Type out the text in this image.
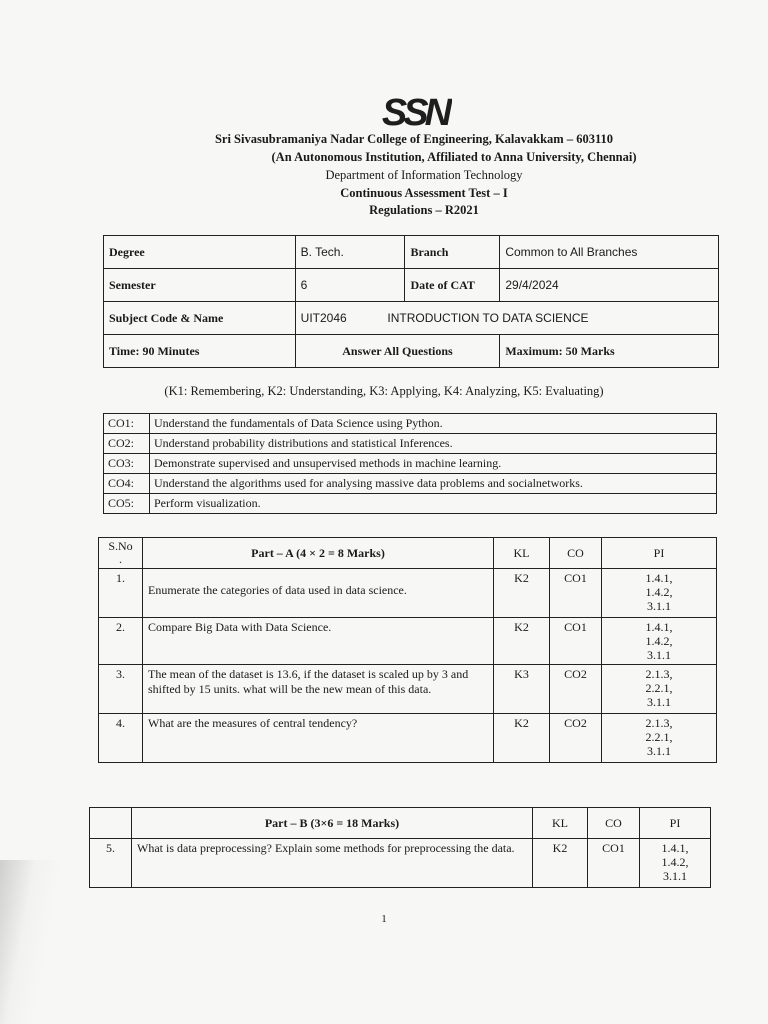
SSN
Sri Sivasubramaniya Nadar College of Engineering, Kalavakkam – 603110
(An Autonomous Institution, Affiliated to Anna University, Chennai)
Department of Information Technology
Continuous Assessment Test – I
Regulations – R2021
Degree	B. Tech.	Branch	Common to All Branches
Semester	6	Date of CAT	29/4/2024
Subject Code & Name	UIT2046 INTRODUCTION TO DATA SCIENCE		
Time: 90 Minutes	Answer All Questions		Maximum: 50 Marks
(K1: Remembering, K2: Understanding, K3: Applying, K4: Analyzing, K5: Evaluating)
CO1:	Understand the fundamentals of Data Science using Python.
CO2:	Understand probability distributions and statistical Inferences.
CO3:	Demonstrate supervised and unsupervised methods in machine learning.
CO4:	Understand the algorithms used for analysing massive data problems and socialnetworks.
CO5:	Perform visualization.
S.No
.	Part – A (4 × 2 = 8 Marks)	KL	CO	PI
1.	Enumerate the categories of data used in data science.	K2	CO1	1.4.1,
1.4.2,
3.1.1
2.	Compare Big Data with Data Science.	K2	CO1	1.4.1,
1.4.2,
3.1.1
3.	The mean of the dataset is 13.6, if the dataset is scaled up by 3 and shifted by 15 units. what will be the new mean of this data.	K3	CO2	2.1.3,
2.2.1,
3.1.1
4.	What are the measures of central tendency?	K2	CO2	2.1.3,
2.2.1,
3.1.1
	Part – B (3×6 = 18 Marks)	KL	CO	PI
5.	What is data preprocessing? Explain some methods for preprocessing the data.	K2	CO1	1.4.1,
1.4.2,
3.1.1
1
